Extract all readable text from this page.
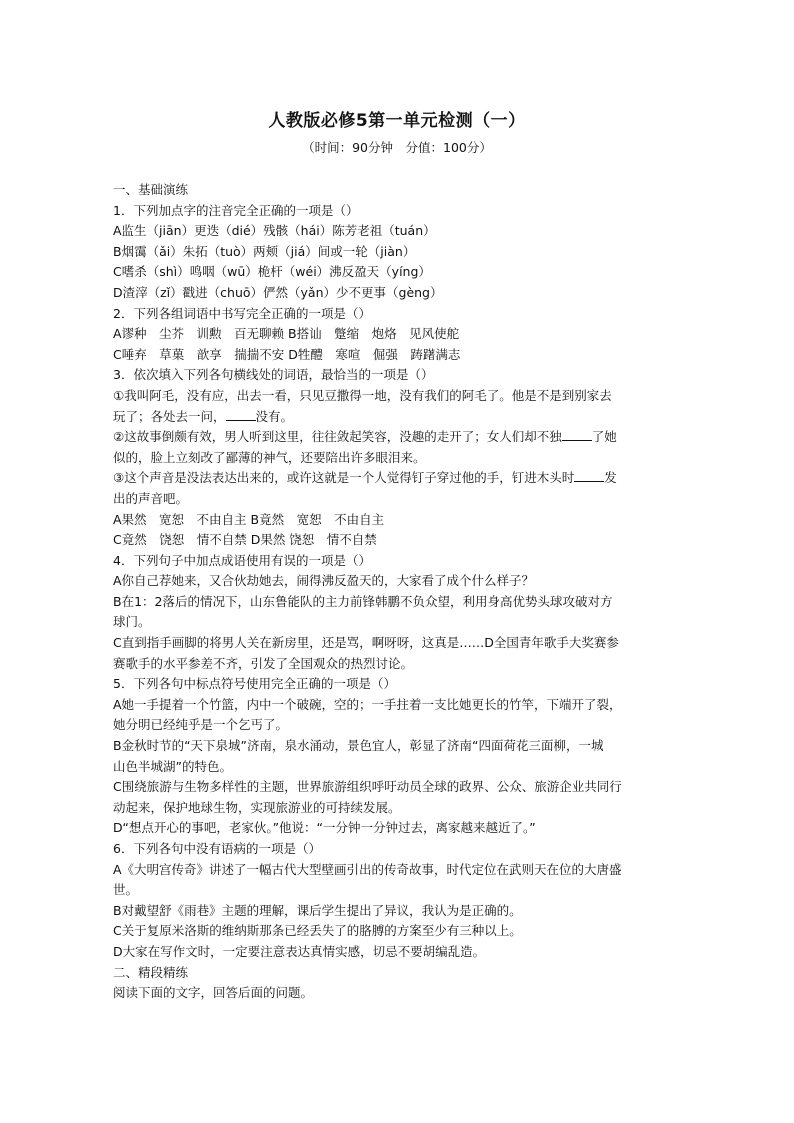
人教版必修5第一单元检测（一）
（时间：90分钟　分值：100分）
一、基础演练
1．下列加点字的注音完全正确的一项是（）
A监生（jiān）更迭（dié）残骸（hái）陈芳老祖（tuán）
B烟霭（ǎi）朱拓（tuò）两颊（jiá）间或一轮（jiàn）
C嗜杀（shì）鸣咽（wū）桅杆（wéi）沸反盈天（yíng）
D渣滓（zǐ）戳进（chuō）俨然（yǎn）少不更事（gèng）
2．下列各组词语中书写完全正确的一项是（）
A谬种　尘芥　训勲　百无聊赖 B搭讪　蹩缩　炮烙　见风使舵
C唾弃　草菓　歆享　揣揣不安 D牲醴　寒喧　倔强　踌躇满志
3．依次填入下列各句横线处的词语，最恰当的一项是（）
①我叫阿毛，没有应，出去一看，只见豆撒得一地，没有我们的阿毛了。他是不是到别家去
玩了；各处去一问， 没有。
②这故事倒颇有效，男人听到这里，往往敛起笑容，没趣的走开了；女人们却不独 了她
似的，脸上立刻改了鄙薄的神气，还要陪出许多眼泪来。
③这个声音是没法表达出来的，或许这就是一个人觉得钉子穿过他的手，钉进木头时 发
出的声音吧。
A果然　宽恕　不由自主 B竟然　宽恕　不由自主
C竟然　饶恕　情不自禁 D果然 饶恕　情不自禁
4．下列句子中加点成语使用有误的一项是（）
A你自己荐她来，又合伙劫她去，闹得沸反盈天的，大家看了成个什么样子？
B在1：2落后的情况下，山东鲁能队的主力前锋韩鹏不负众望，利用身高优势头球攻破对方
球门。
C直到指手画脚的将男人关在新房里，还是骂，啊呀呀，这真是……D全国青年歌手大奖赛参
赛歌手的水平参差不齐，引发了全国观众的热烈讨论。
5．下列各句中标点符号使用完全正确的一项是（）
A她一手提着一个竹篮，内中一个破碗，空的；一手拄着一支比她更长的竹竿，下端开了裂，
她分明已经纯乎是一个乞丐了。
B金秋时节的“天下泉城”济南，泉水涌动，景色宜人，彰显了济南“四面荷花三面柳，一城
山色半城湖”的特色。
C围绕旅游与生物多样性的主题，世界旅游组织呼吁动员全球的政界、公众、旅游企业共同行
动起来，保护地球生物，实现旅游业的可持续发展。
D“想点开心的事吧，老家伙。”他说：“一分钟一分钟过去，离家越来越近了。”
6．下列各句中没有语病的一项是（）
A《大明宫传奇》讲述了一幅古代大型壁画引出的传奇故事，时代定位在武则天在位的大唐盛
世。
B对戴望舒《雨巷》主题的理解，课后学生提出了异议，我认为是正确的。
C关于复原米洛斯的维纳斯那条已经丢失了的胳膊的方案至少有三种以上。
D大家在写作文时，一定要注意表达真情实感，切忌不要胡编乱造。
二、精段精练
阅读下面的文字，回答后面的问题。
